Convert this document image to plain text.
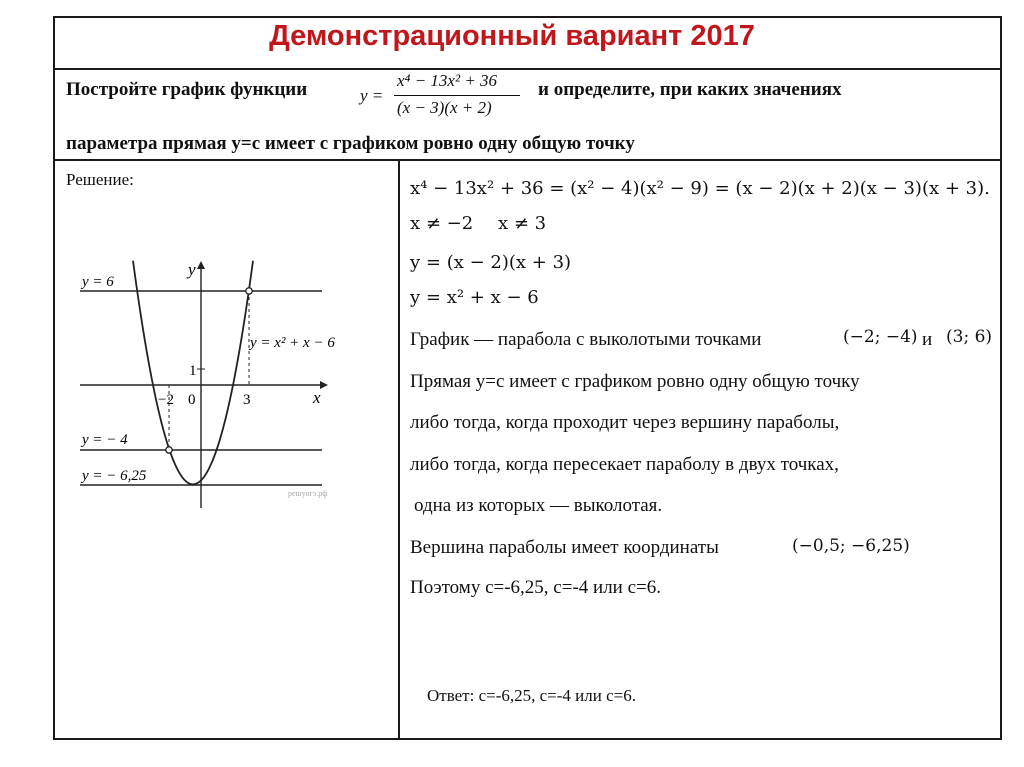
Демонстрационный вариант 2017
Постройте график функции	y =
x⁴ − 13x² + 36
(x − 3)(x + 2)
и определите, при каких значениях
параметра прямая y=c имеет с графиком ровно одну общую точку
Решение:
y
x
1
−2 0	3
y = 6
y = − 4
y = − 6,25
y = x² + x − 6
решуогэ.рф
x⁴ − 13x² + 36 = (x² − 4)(x² − 9) = (x − 2)(x + 2)(x − 3)(x + 3).
x ≠ −2 x ≠ 3
y = (x − 2)(x + 3)
y = x² + x − 6
График — парабола с выколотыми точками	(−2; −4) и (3; 6)
Прямая y=c имеет с графиком ровно одну общую точку
либо тогда, когда проходит через вершину параболы,
либо тогда, когда пересекает параболу в двух точках,
одна из которых — выколотая.
Вершина параболы имеет координаты	(−0,5; −6,25)
Поэтому с=-6,25, с=-4 или с=6.
Ответ: с=-6,25, с=-4 или с=6.
